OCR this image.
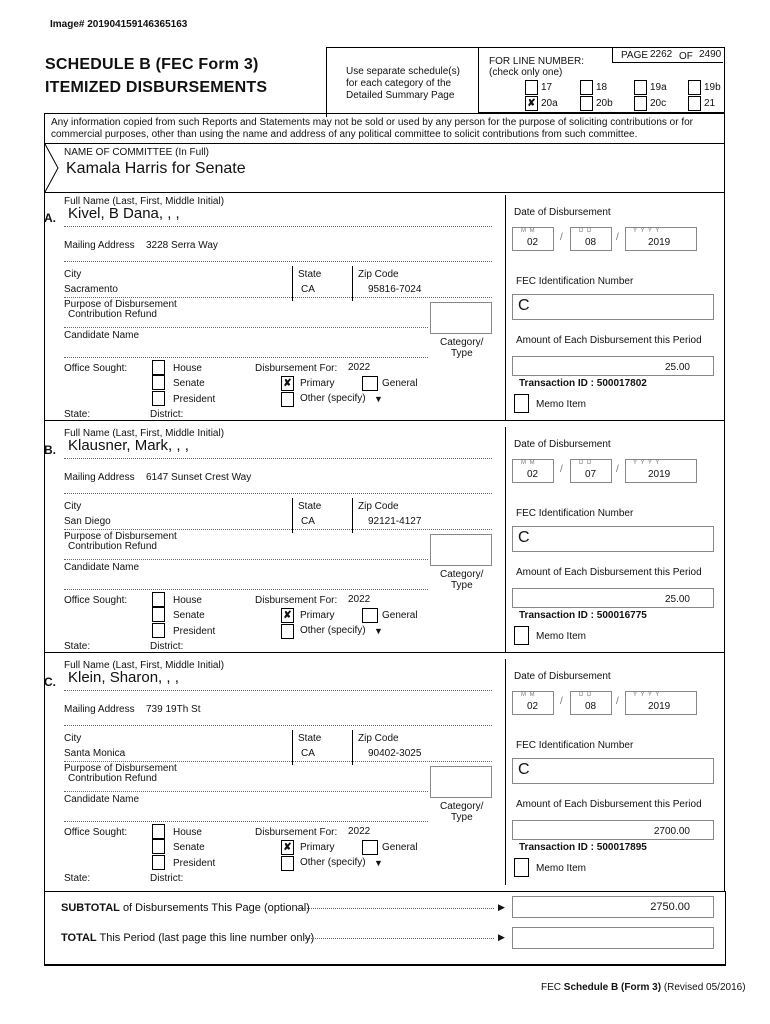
Image# 201904159146365163
SCHEDULE B (FEC Form 3)
ITEMIZED DISBURSEMENTS
Use separate schedule(s)
for each category of the
Detailed Summary Page
FOR LINE NUMBER:
(check only one)
PAGE 2262 OF 2490
17	18	19a	19b
✘ 20a	20b	20c	21
Any information copied from such Reports and Statements may not be sold or used by any person for the purpose of soliciting contributions or for commercial purposes, other than using the name and address of any political committee to solicit contributions from such committee.
NAME OF COMMITTEE (In Full)
Kamala Harris for Senate
Full Name (Last, First, Middle Initial)
A. Kivel, B Dana, , ,
Mailing Address 3228 Serra Way
City	State	Zip Code
Sacramento	CA	95816-7024
Purpose of Disbursement
Contribution Refund
Candidate Name
Category/
Type
Office Sought:	House
Senate
President
Disbursement For: 2022
✘ Primary	General
Other (specify) ▼
State:	District:
Date of Disbursement
M M
02 /
D D
08 /
Y Y Y Y
2019
FEC Identification Number
C
Amount of Each Disbursement this Period
25.00
Transaction ID : 500017802
Memo Item
Full Name (Last, First, Middle Initial)
B. Klausner, Mark, , ,
Mailing Address 6147 Sunset Crest Way
City	State	Zip Code
San Diego	CA	92121-4127
Purpose of Disbursement
Contribution Refund
Candidate Name
Category/
Type
Office Sought:	House
Senate
President
Disbursement For: 2022
✘ Primary	General
Other (specify) ▼
State:	District:
Date of Disbursement
M M
02 /
D D
07 /
Y Y Y Y
2019
FEC Identification Number
C
Amount of Each Disbursement this Period
25.00
Transaction ID : 500016775
Memo Item
Full Name (Last, First, Middle Initial)
C. Klein, Sharon, , ,
Mailing Address 739 19Th St
City	State	Zip Code
Santa Monica	CA	90402-3025
Purpose of Disbursement
Contribution Refund
Candidate Name
Category/
Type
Office Sought:	House
Senate
President
Disbursement For: 2022
✘ Primary	General
Other (specify) ▼
State:	District:
Date of Disbursement
M M
02 /
D D
08 /
Y Y Y Y
2019
FEC Identification Number
C
Amount of Each Disbursement this Period
2700.00
Transaction ID : 500017895
Memo Item
SUBTOTAL of Disbursements This Page (optional)	▶	2750.00
TOTAL This Period (last page this line number only)	▶
FEC Schedule B (Form 3) (Revised 05/2016)
